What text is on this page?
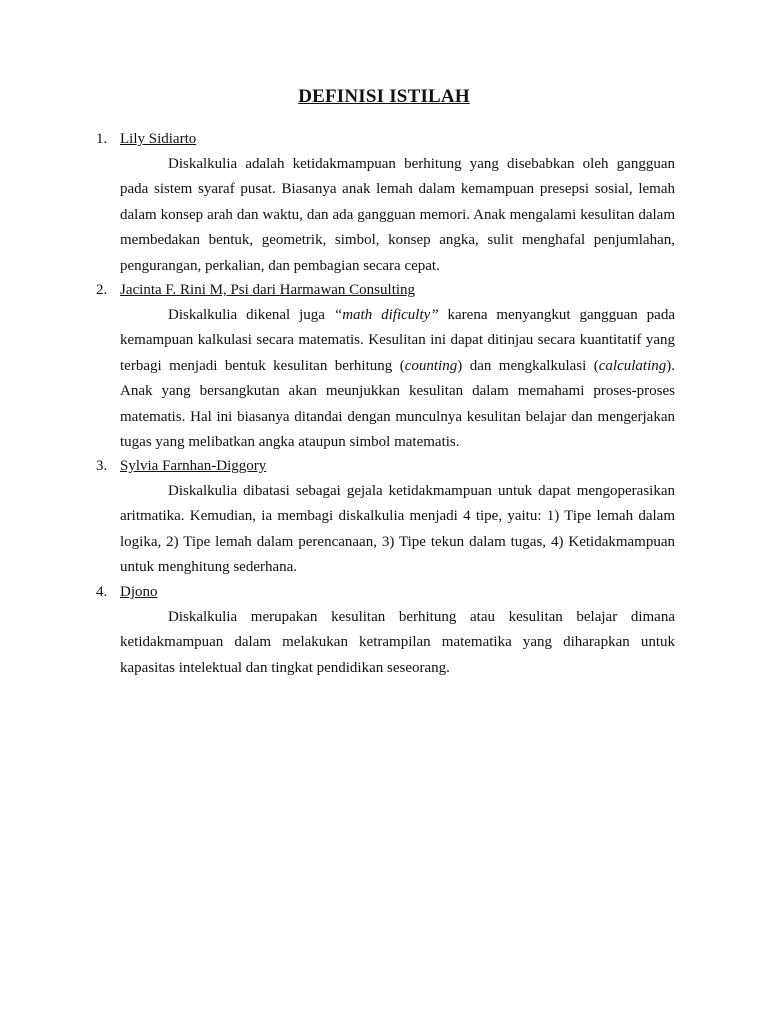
DEFINISI ISTILAH
1. Lily Sidiarto
Diskalkulia adalah ketidakmampuan berhitung yang disebabkan oleh gangguan pada sistem syaraf pusat. Biasanya anak lemah dalam kemampuan presepsi sosial, lemah dalam konsep arah dan waktu, dan ada gangguan memori. Anak mengalami kesulitan dalam membedakan bentuk, geometrik, simbol, konsep angka, sulit menghafal penjumlahan, pengurangan, perkalian, dan pembagian secara cepat.
2. Jacinta F. Rini M, Psi dari Harmawan Consulting
Diskalkulia dikenal juga “math dificulty” karena menyangkut gangguan pada kemampuan kalkulasi secara matematis. Kesulitan ini dapat ditinjau secara kuantitatif yang terbagi menjadi bentuk kesulitan berhitung (counting) dan mengkalkulasi (calculating). Anak yang bersangkutan akan meunjukkan kesulitan dalam memahami proses-proses matematis. Hal ini biasanya ditandai dengan munculnya kesulitan belajar dan mengerjakan tugas yang melibatkan angka ataupun simbol matematis.
3. Sylvia Farnhan-Diggory
Diskalkulia dibatasi sebagai gejala ketidakmampuan untuk dapat mengoperasikan aritmatika. Kemudian, ia membagi diskalkulia menjadi 4 tipe, yaitu: 1) Tipe lemah dalam logika, 2) Tipe lemah dalam perencanaan, 3) Tipe tekun dalam tugas, 4) Ketidakmampuan untuk menghitung sederhana.
4. Djono
Diskalkulia merupakan kesulitan berhitung atau kesulitan belajar dimana ketidakmampuan dalam melakukan ketrampilan matematika yang diharapkan untuk kapasitas intelektual dan tingkat pendidikan seseorang.
